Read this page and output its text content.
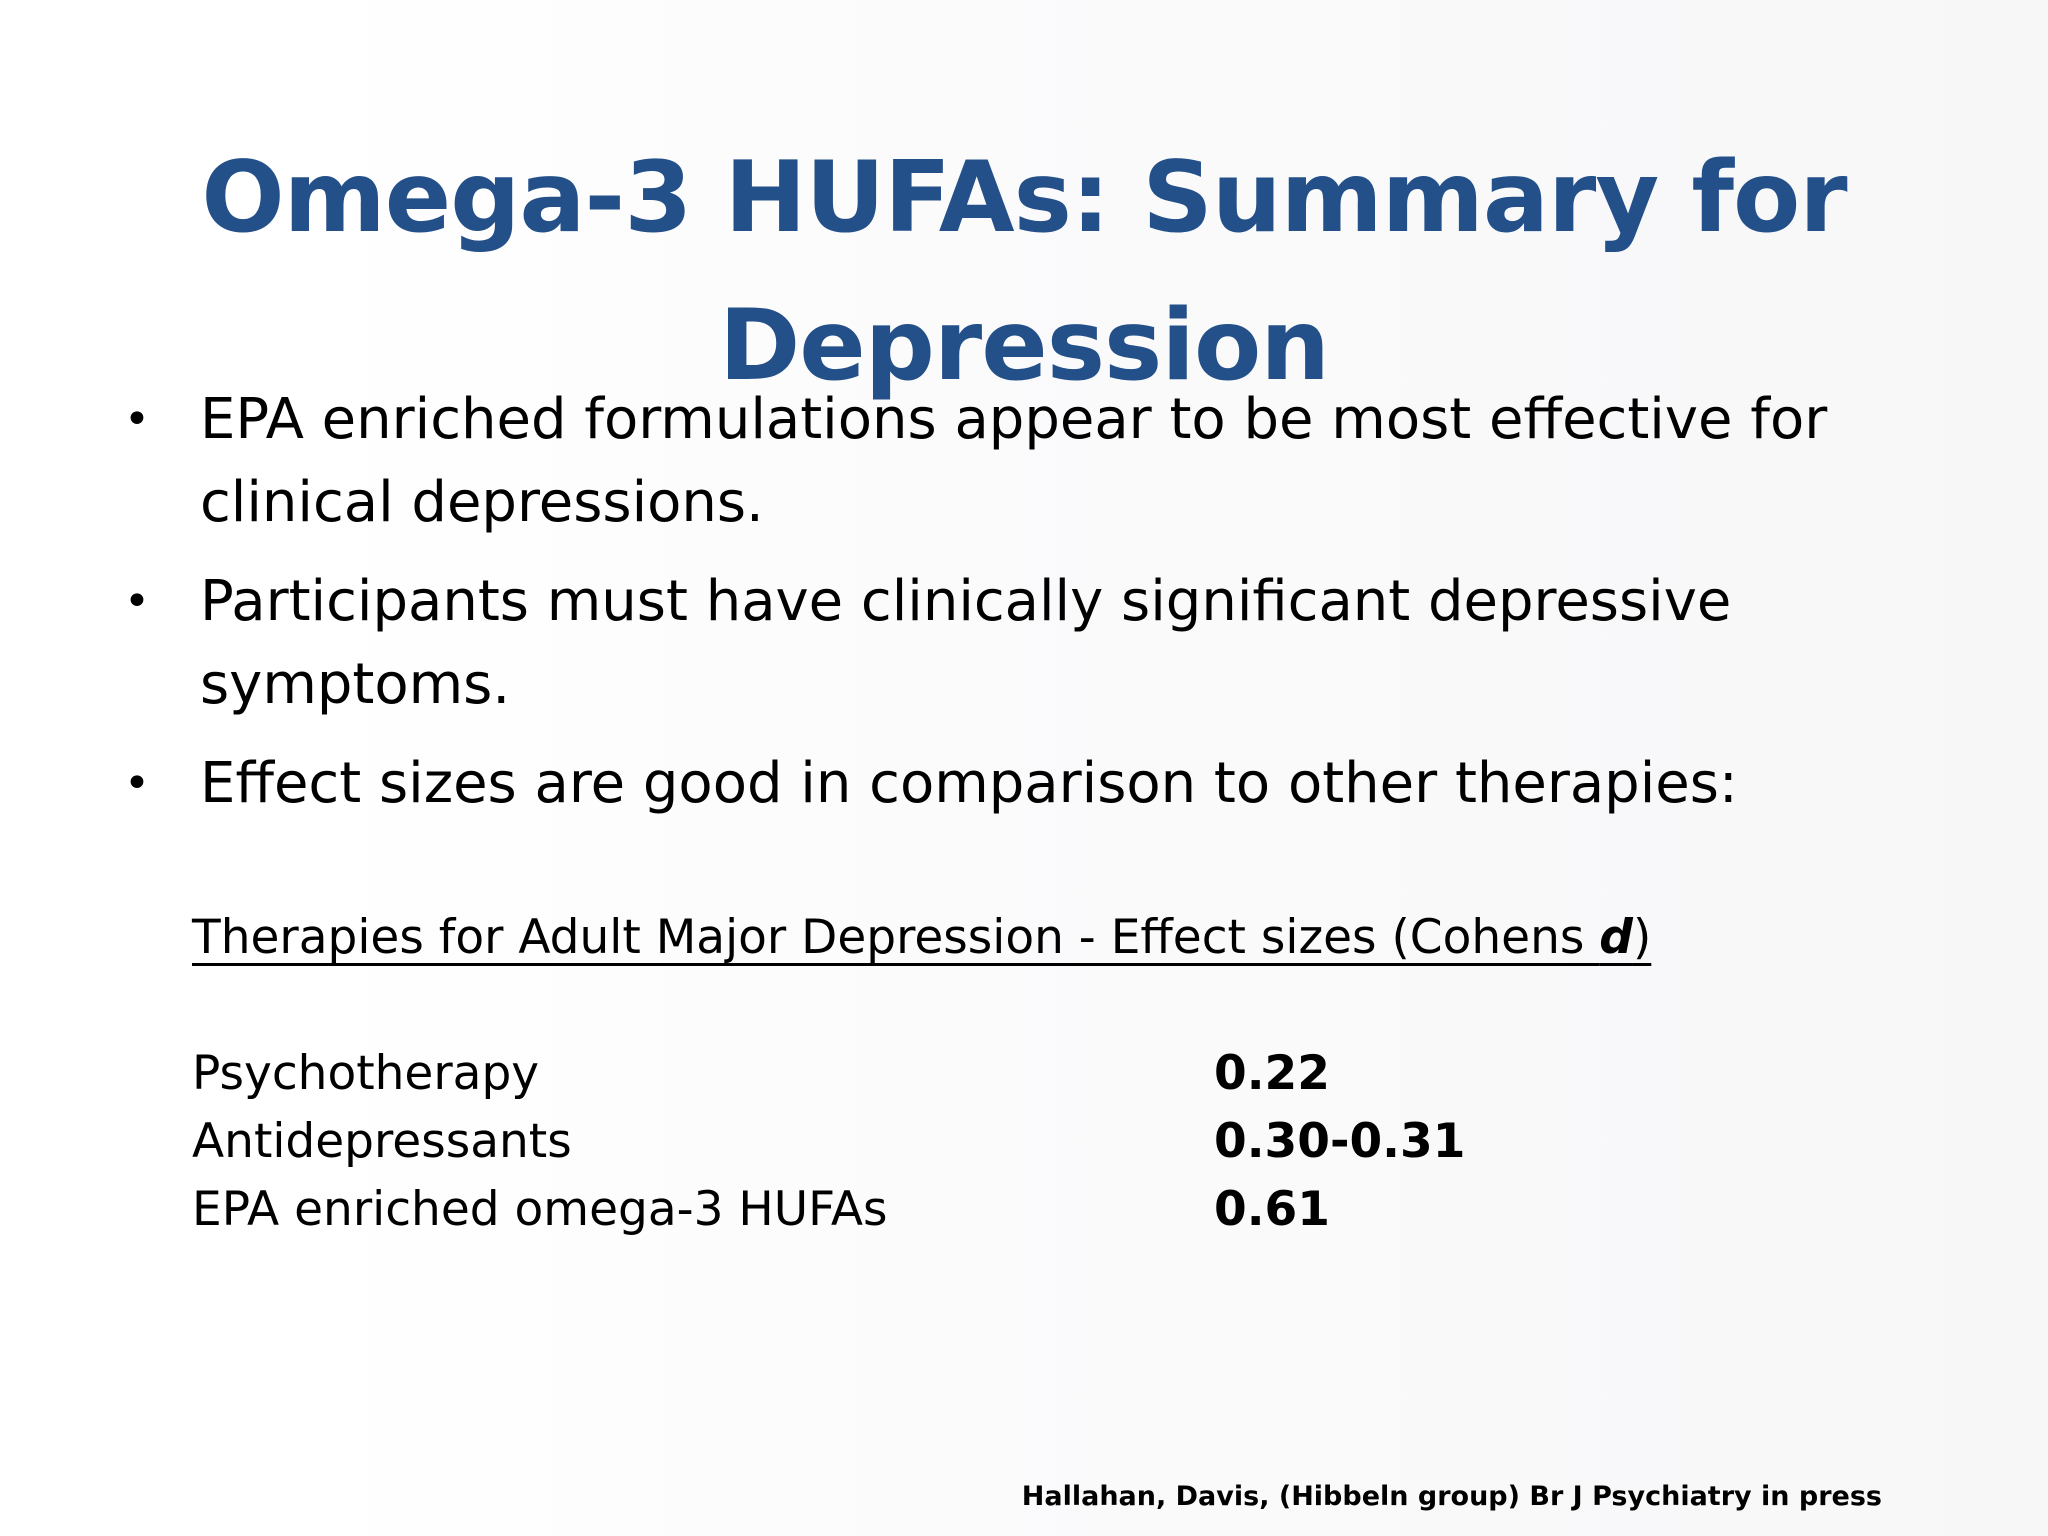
Omega-3 HUFAs: Summary for
Depression
• EPA enriched formulations appear to be most effective for
clinical depressions.
• Participants must have clinically significant depressive
symptoms.
• Effect sizes are good in comparison to other therapies:
Therapies for Adult Major Depression - Effect sizes (Cohens d)
Psychotherapy	0.22
Antidepressants	0.30-0.31
EPA enriched omega-3 HUFAs	0.61
Hallahan, Davis, (Hibbeln group) Br J Psychiatry in press
